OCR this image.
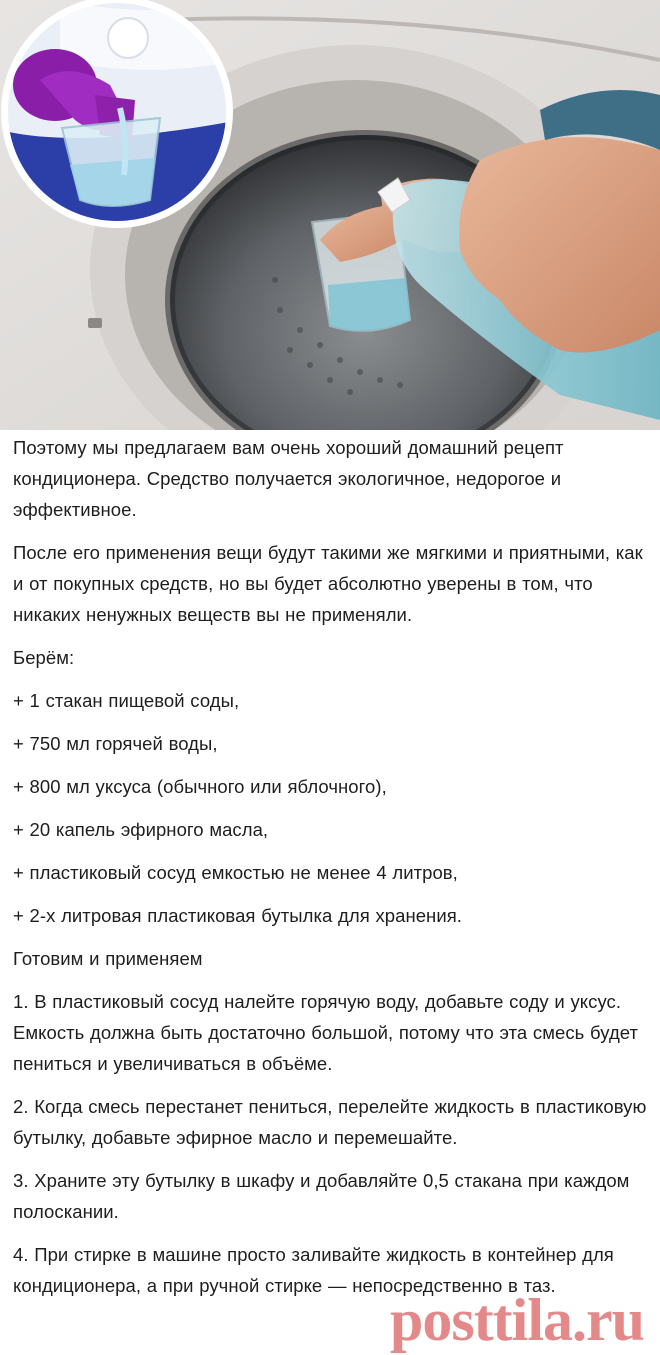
Поэтому мы предлагаем вам очень хороший домашний рецепт кондиционера. Средство получается экологичное, недорогое и эффективное.

После его применения вещи будут такими же мягкими и приятными, как и от покупных средств, но вы будет абсолютно уверены в том, что никаких ненужных веществ вы не применяли.

Берём:

+ 1 стакан пищевой соды,

+ 750 мл горячей воды,

+ 800 мл уксуса (обычного или яблочного),

+ 20 капель эфирного масла,

+ пластиковый сосуд емкостью не менее 4 литров,

+ 2-х литровая пластиковая бутылка для хранения.

Готовим и применяем

1. В пластиковый сосуд налейте горячую воду, добавьте соду и уксус. Емкость должна быть достаточно большой, потому что эта смесь будет пениться и увеличиваться в объёме.

2. Когда смесь перестанет пениться, перелейте жидкость в пластиковую бутылку, добавьте эфирное масло и перемешайте.

3. Храните эту бутылку в шкафу и добавляйте 0,5 стакана при каждом полоскании.

4. При стирке в машине просто заливайте жидкость в контейнер для кондиционера, а при ручной стирке — непосредственно в таз.

posttila.ru
